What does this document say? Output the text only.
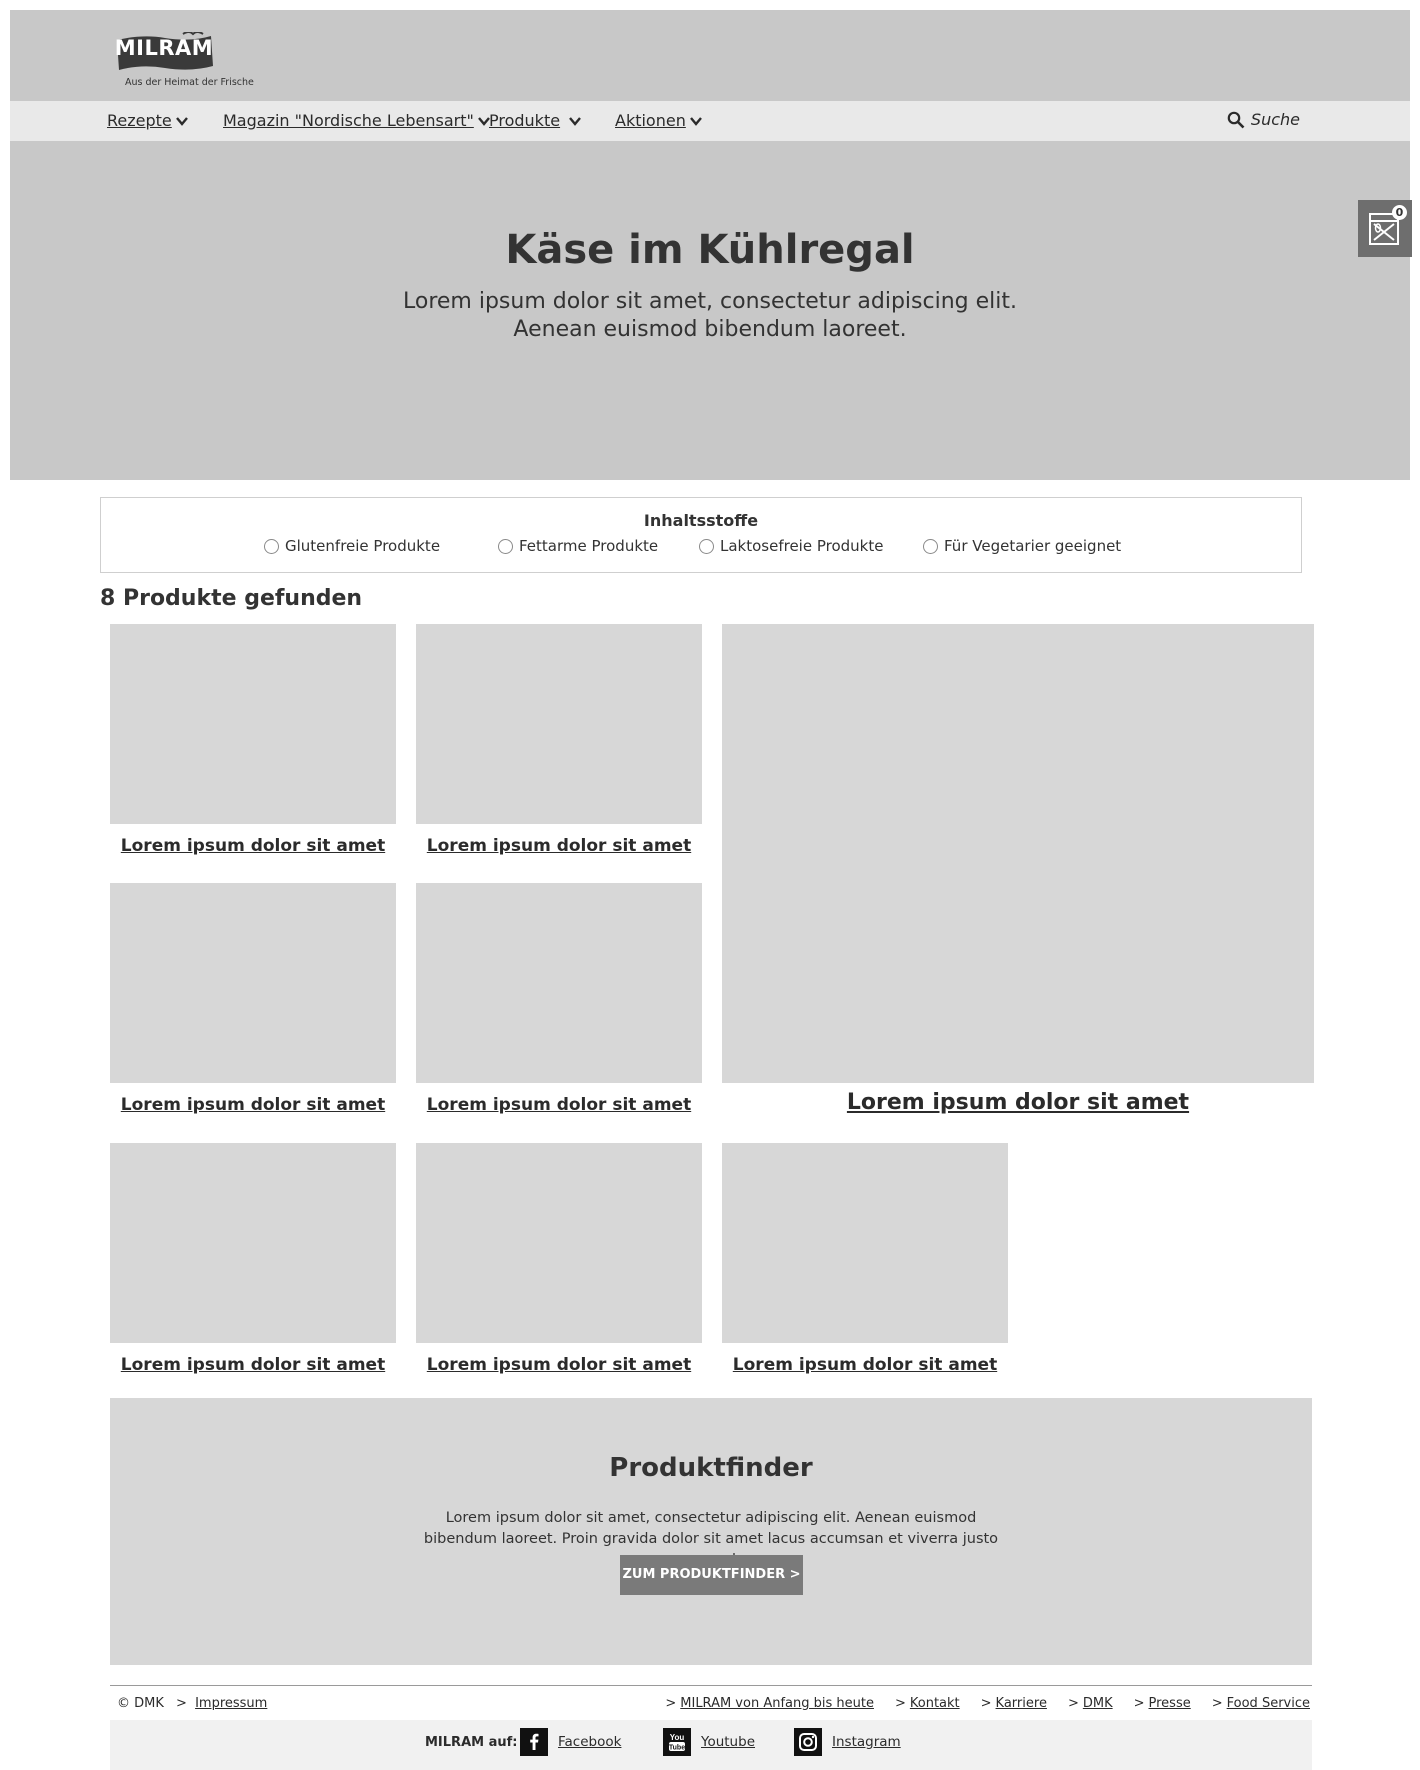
MILRAM
Aus der Heimat der Frische
Rezepte	Magazin "Nordische Lebensart" Produkte	Aktionen	Suche
Käse im Kühlregal
Lorem ipsum dolor sit amet, consectetur adipiscing elit.
Aenean euismod bibendum laoreet.
0
Inhaltsstoffe
Glutenfreie Produkte	Fettarme Produkte	Laktosefreie Produkte	Für Vegetarier geeignet
8 Produkte gefunden
Lorem ipsum dolor sit amet	Lorem ipsum dolor sit amet
Lorem ipsum dolor sit amet
Lorem ipsum dolor sit amet	Lorem ipsum dolor sit amet
Lorem ipsum dolor sit amet	Lorem ipsum dolor sit amet	Lorem ipsum dolor sit amet
Produktfinder
Lorem ipsum dolor sit amet, consectetur adipiscing elit. Aenean euismod bibendum laoreet. Proin gravida dolor sit amet lacus accumsan et viverra justo
ZUM PRODUKTFINDER >
© DMK > Impressum	> MILRAM von Anfang bis heute > Kontakt > Karriere > DMK > Presse > Food Service
MILRAM auf:	Facebook	You
Tube Youtube	Instagram
